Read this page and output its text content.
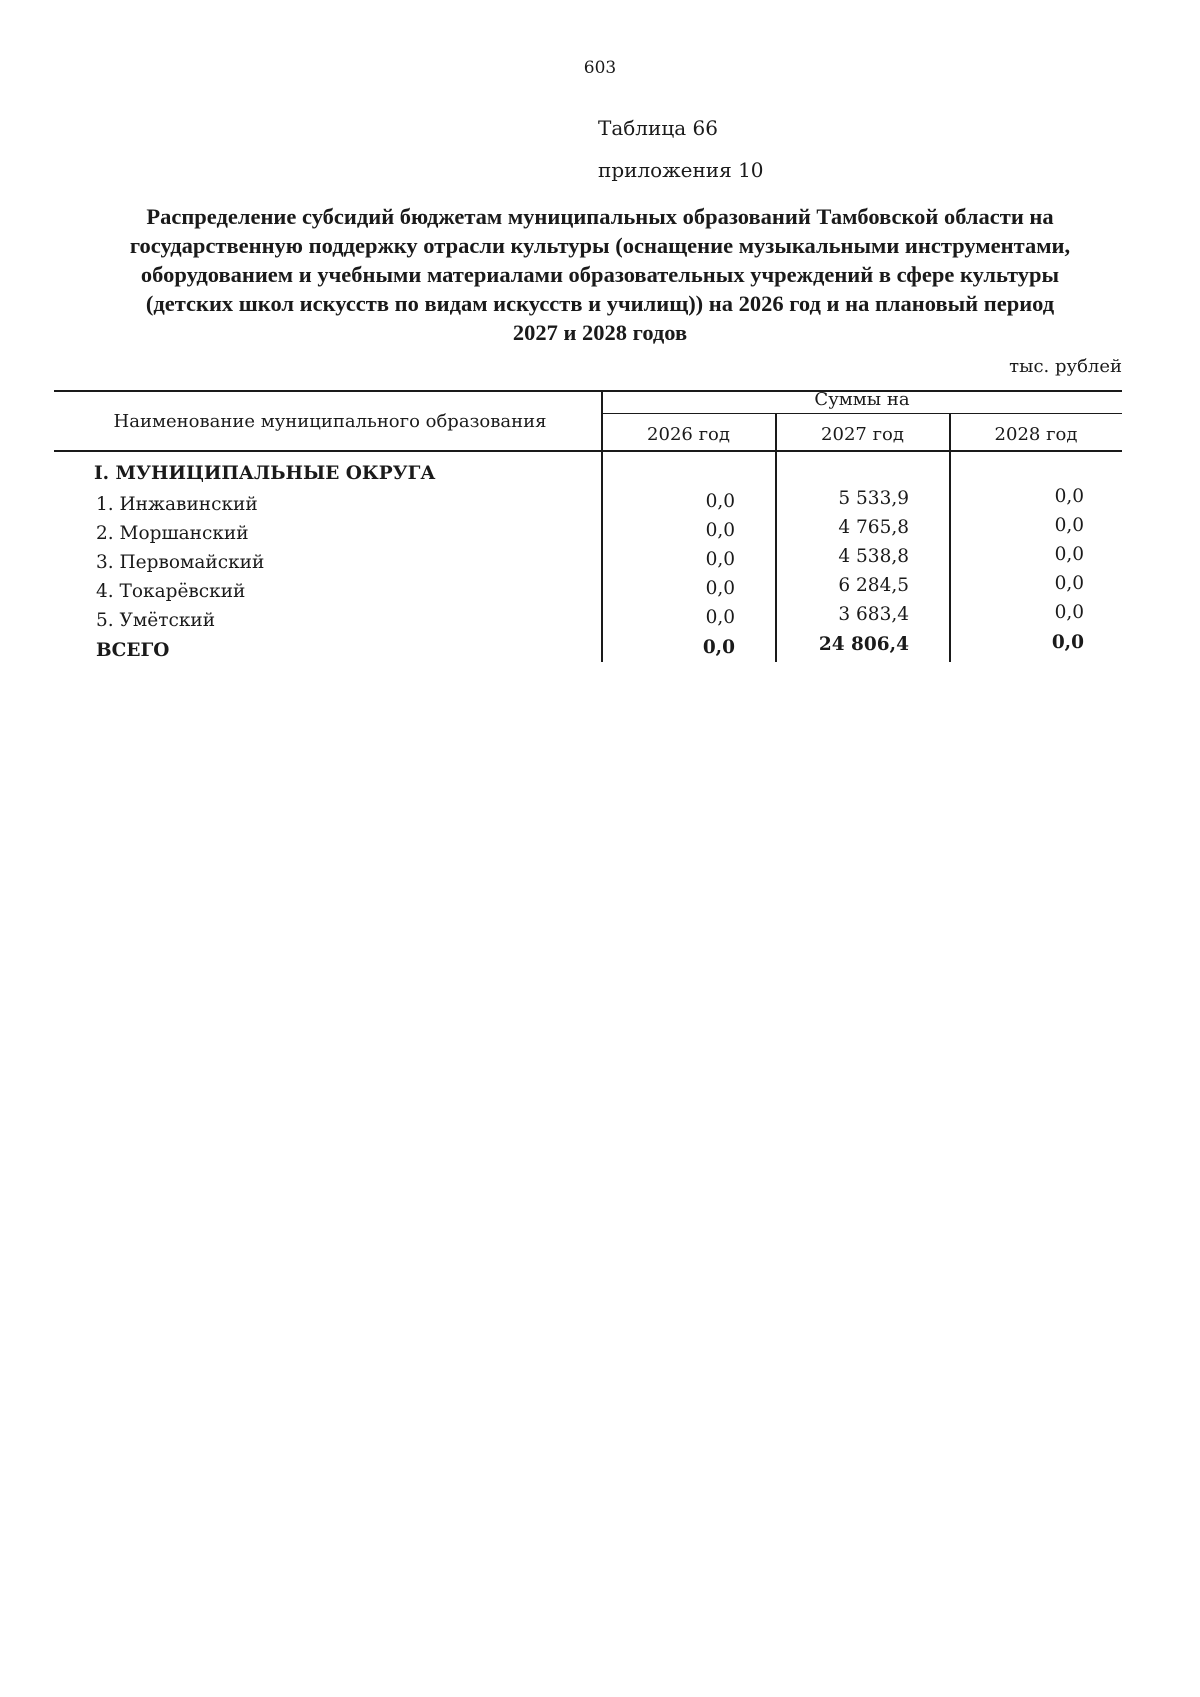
603
Таблица 66
приложения 10
Распределение субсидий бюджетам муниципальных образований Тамбовской области на
государственную поддержку отрасли культуры (оснащение музыкальными инструментами,
оборудованием и учебными материалами образовательных учреждений в сфере культуры
(детских школ искусств по видам искусств и училищ)) на 2026 год и на плановый период
2027 и 2028 годов
тыс. рублей
Наименование муниципального образования
Суммы на
2026 год	2027 год	2028 год
I. МУНИЦИПАЛЬНЫЕ ОКРУГА
1. Инжавинский	0,0	5 533,9	0,0
2. Моршанский	0,0	4 765,8	0,0
3. Первомайский	0,0	4 538,8	0,0
4. Токарёвский	0,0	6 284,5	0,0
5. Умётский	0,0	3 683,4	0,0
ВСЕГО	0,0	24 806,4	0,0
